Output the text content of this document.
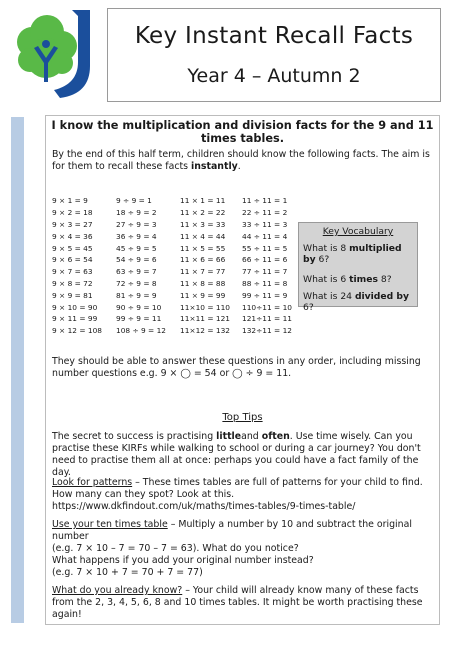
Key Instant Recall Facts
Year 4 – Autumn 2
I know the multiplication and division facts for the 9 and 11 times tables.
By the end of this half term, children should know the following facts. The aim is for them to recall these facts instantly.
9 × 1 = 9	9 ÷ 9 = 1	11 × 1 = 11	11 ÷ 11 = 1
9 × 2 = 18	18 ÷ 9 = 2	11 × 2 = 22	22 ÷ 11 = 2
9 × 3 = 27	27 ÷ 9 = 3	11 × 3 = 33	33 ÷ 11 = 3
9 × 4 = 36	36 ÷ 9 = 4	11 × 4 = 44	44 ÷ 11 = 4
9 × 5 = 45	45 ÷ 9 = 5	11 × 5 = 55	55 ÷ 11 = 5
9 × 6 = 54	54 ÷ 9 = 6	11 × 6 = 66	66 ÷ 11 = 6
9 × 7 = 63	63 ÷ 9 = 7	11 × 7 = 77	77 ÷ 11 = 7
9 × 8 = 72	72 ÷ 9 = 8	11 × 8 = 88	88 ÷ 11 = 8
9 × 9 = 81	81 ÷ 9 = 9	11 × 9 = 99	99 ÷ 11 = 9
9 × 10 = 90	90 ÷ 9 = 10	11×10 = 110	110÷11 = 10
9 × 11 = 99	99 ÷ 9 = 11	11×11 = 121	121÷11 = 11
9 × 12 = 108	108 ÷ 9 = 12	11×12 = 132	132÷11 = 12
Key Vocabulary

What is 8 multiplied by 6?

What is 6 times 8?

What is 24 divided by 6?

They should be able to answer these questions in any order, including missing number questions e.g. 9 × ◯ = 54 or ◯ ÷ 9 = 11.
Top Tips
The secret to success is practising littleand often. Use time wisely. Can you practise these KIRFs while walking to school or during a car journey? You don't need to practise them all at once: perhaps you could have a fact family of the day.
Look for patterns – These times tables are full of patterns for your child to find. How many can they spot? Look at this.
https://www.dkfindout.com/uk/maths/times-tables/9-times-table/
Use your ten times table – Multiply a number by 10 and subtract the original number
(e.g. 7 × 10 – 7 = 70 – 7 = 63). What do you notice?
What happens if you add your original number instead?
(e.g. 7 × 10 + 7 = 70 + 7 = 77)
What do you already know? – Your child will already know many of these facts from the 2, 3, 4, 5, 6, 8 and 10 times tables. It might be worth practising these again!
